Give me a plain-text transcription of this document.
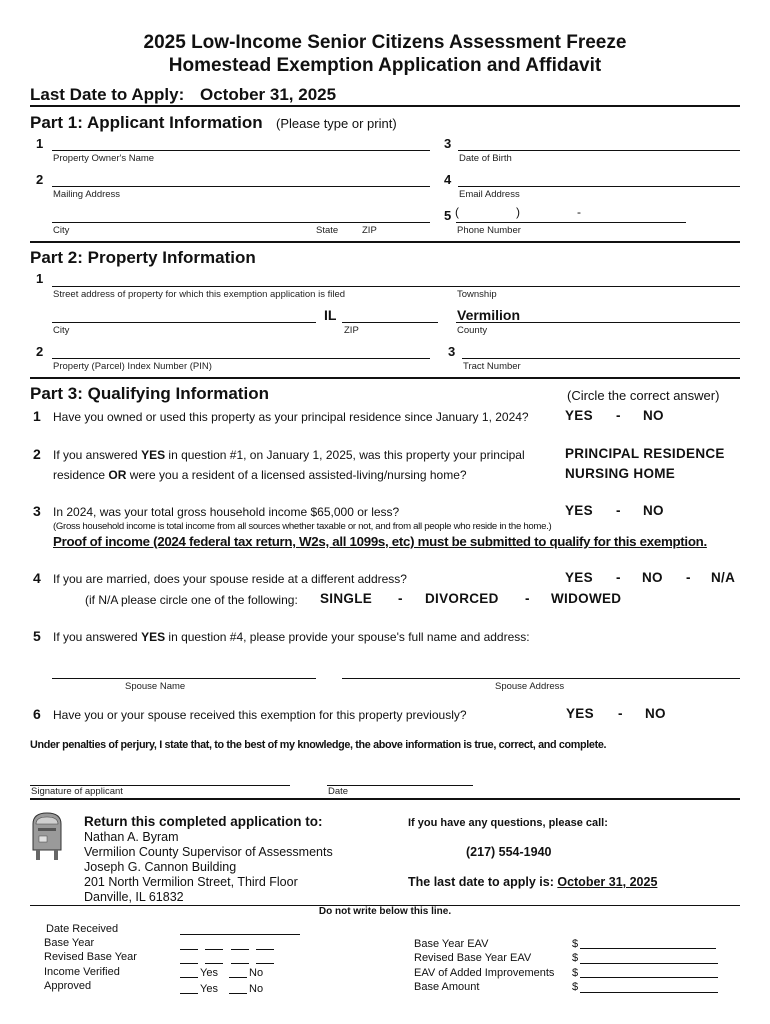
2025 Low-Income Senior Citizens Assessment Freeze
Homestead Exemption Application and Affidavit
Last Date to Apply: October 31, 2025
Part 1: Applicant Information (Please type or print)
1
Property Owner's Name
3
Date of Birth
2
Mailing Address
4
Email Address
City	State	ZIP
5 (	)	-
Phone Number
Part 2: Property Information
1
Street address of property for which this exemption application is filed	Township
IL	Vermilion
City	ZIP	County
2
Property (Parcel) Index Number (PIN)
3
Tract Number
Part 3: Qualifying Information	(Circle the correct answer)
1 Have you owned or used this property as your principal residence since January 1, 2024?	YES - NO
2 If you answered YES in question #1, on January 1, 2025, was this property your principal
residence OR were you a resident of a licensed assisted-living/nursing home?
PRINCIPAL RESIDENCE
NURSING HOME
3 In 2024, was your total gross household income $65,000 or less?	YES - NO
(Gross household income is total income from all sources whether taxable or not, and from all people who reside in the home.)
Proof of income (2024 federal tax return, W2s, all 1099s, etc) must be submitted to qualify for this exemption.
4 If you are married, does your spouse reside at a different address?	YES - NO - N/A
(if N/A please circle one of the following: SINGLE - DIVORCED - WIDOWED
5 If you answered YES in question #4, please provide your spouse's full name and address:
Spouse Name	Spouse Address
6 Have you or your spouse received this exemption for this property previously?	YES - NO
Under penalties of perjury, I state that, to the best of my knowledge, the above information is true, correct, and complete.
Signature of applicant	Date
Return this completed application to:
Nathan A. Byram
Vermilion County Supervisor of Assessments
Joseph G. Cannon Building
201 North Vermilion Street, Third Floor
Danville, IL 61832
If you have any questions, please call:
(217) 554-1940
The last date to apply is: October 31, 2025
Do not write below this line.
Date Received
Base Year
Revised Base Year
Income Verified	Yes	No
Approved	Yes	No
Base Year EAV	$
Revised Base Year EAV	$
EAV of Added Improvements $
Base Amount	$
